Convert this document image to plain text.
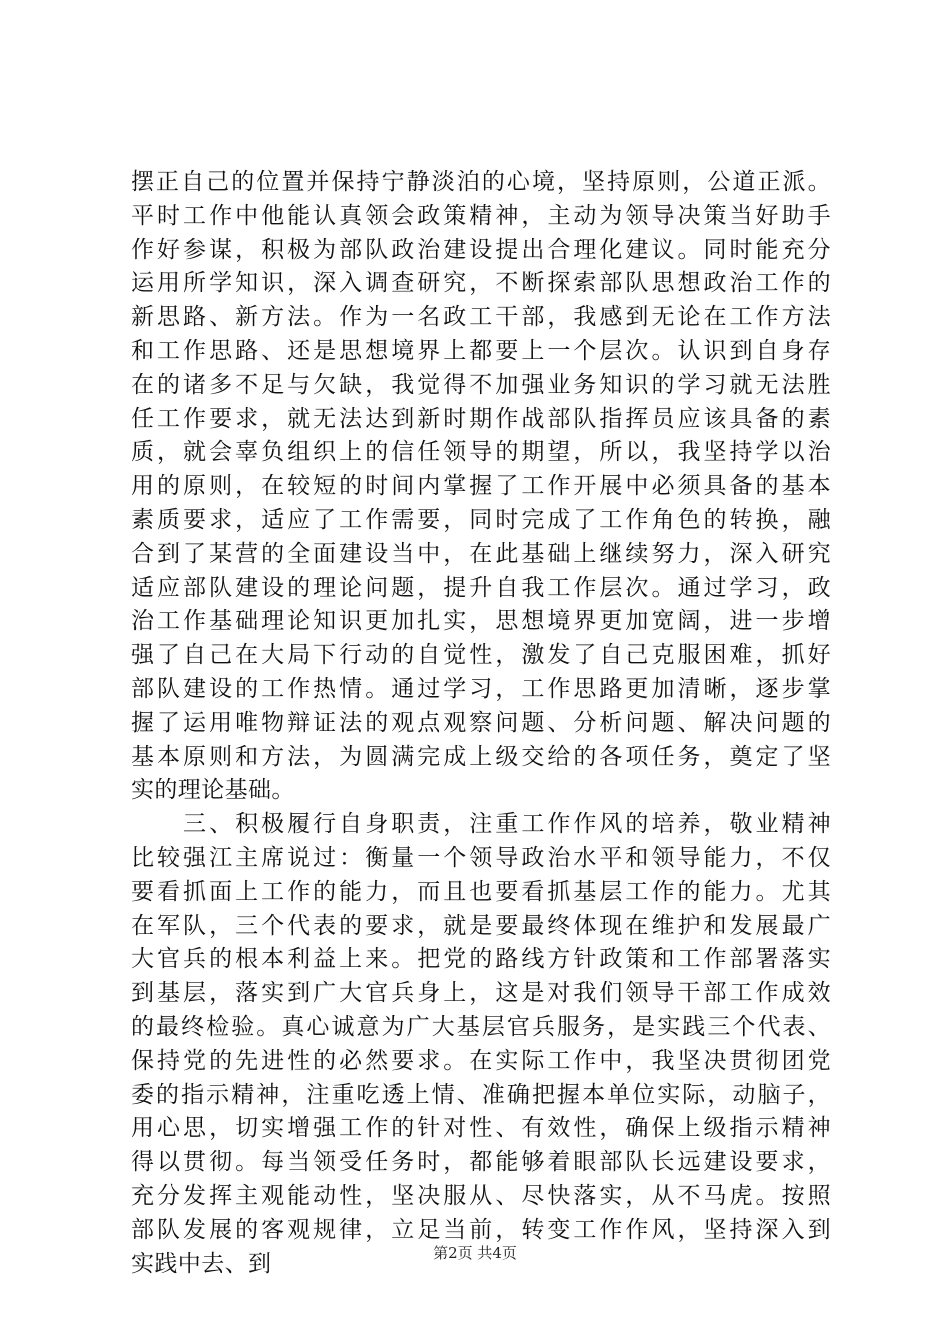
摆正自己的位置并保持宁静淡泊的心境，坚持原则，公道正派。
平时工作中他能认真领会政策精神，主动为领导决策当好助手
作好参谋，积极为部队政治建设提出合理化建议。同时能充分
运用所学知识，深入调查研究，不断探索部队思想政治工作的
新思路、新方法。作为一名政工干部，我感到无论在工作方法
和工作思路、还是思想境界上都要上一个层次。认识到自身存
在的诸多不足与欠缺，我觉得不加强业务知识的学习就无法胜
任工作要求，就无法达到新时期作战部队指挥员应该具备的素
质，就会辜负组织上的信任领导的期望，所以，我坚持学以治
用的原则，在较短的时间内掌握了工作开展中必须具备的基本
素质要求，适应了工作需要，同时完成了工作角色的转换，融
合到了某营的全面建设当中，在此基础上继续努力，深入研究
适应部队建设的理论问题，提升自我工作层次。通过学习，政
治工作基础理论知识更加扎实，思想境界更加宽阔，进一步增
强了自己在大局下行动的自觉性，激发了自己克服困难，抓好
部队建设的工作热情。通过学习，工作思路更加清晰，逐步掌
握了运用唯物辩证法的观点观察问题、分析问题、解决问题的
基本原则和方法，为圆满完成上级交给的各项任务，奠定了坚
实的理论基础。
　　三、积极履行自身职责，注重工作作风的培养，敬业精神
比较强江主席说过：衡量一个领导政治水平和领导能力，不仅
要看抓面上工作的能力，而且也要看抓基层工作的能力。尤其
在军队，三个代表的要求，就是要最终体现在维护和发展最广
大官兵的根本利益上来。把党的路线方针政策和工作部署落实
到基层，落实到广大官兵身上，这是对我们领导干部工作成效
的最终检验。真心诚意为广大基层官兵服务，是实践三个代表、
保持党的先进性的必然要求。在实际工作中，我坚决贯彻团党
委的指示精神，注重吃透上情、准确把握本单位实际，动脑子，
用心思，切实增强工作的针对性、有效性，确保上级指示精神
得以贯彻。每当领受任务时，都能够着眼部队长远建设要求，
充分发挥主观能动性，坚决服从、尽快落实，从不马虎。按照
部队发展的客观规律，立足当前，转变工作作风，坚持深入到
实践中去、到	第2页 共4页
